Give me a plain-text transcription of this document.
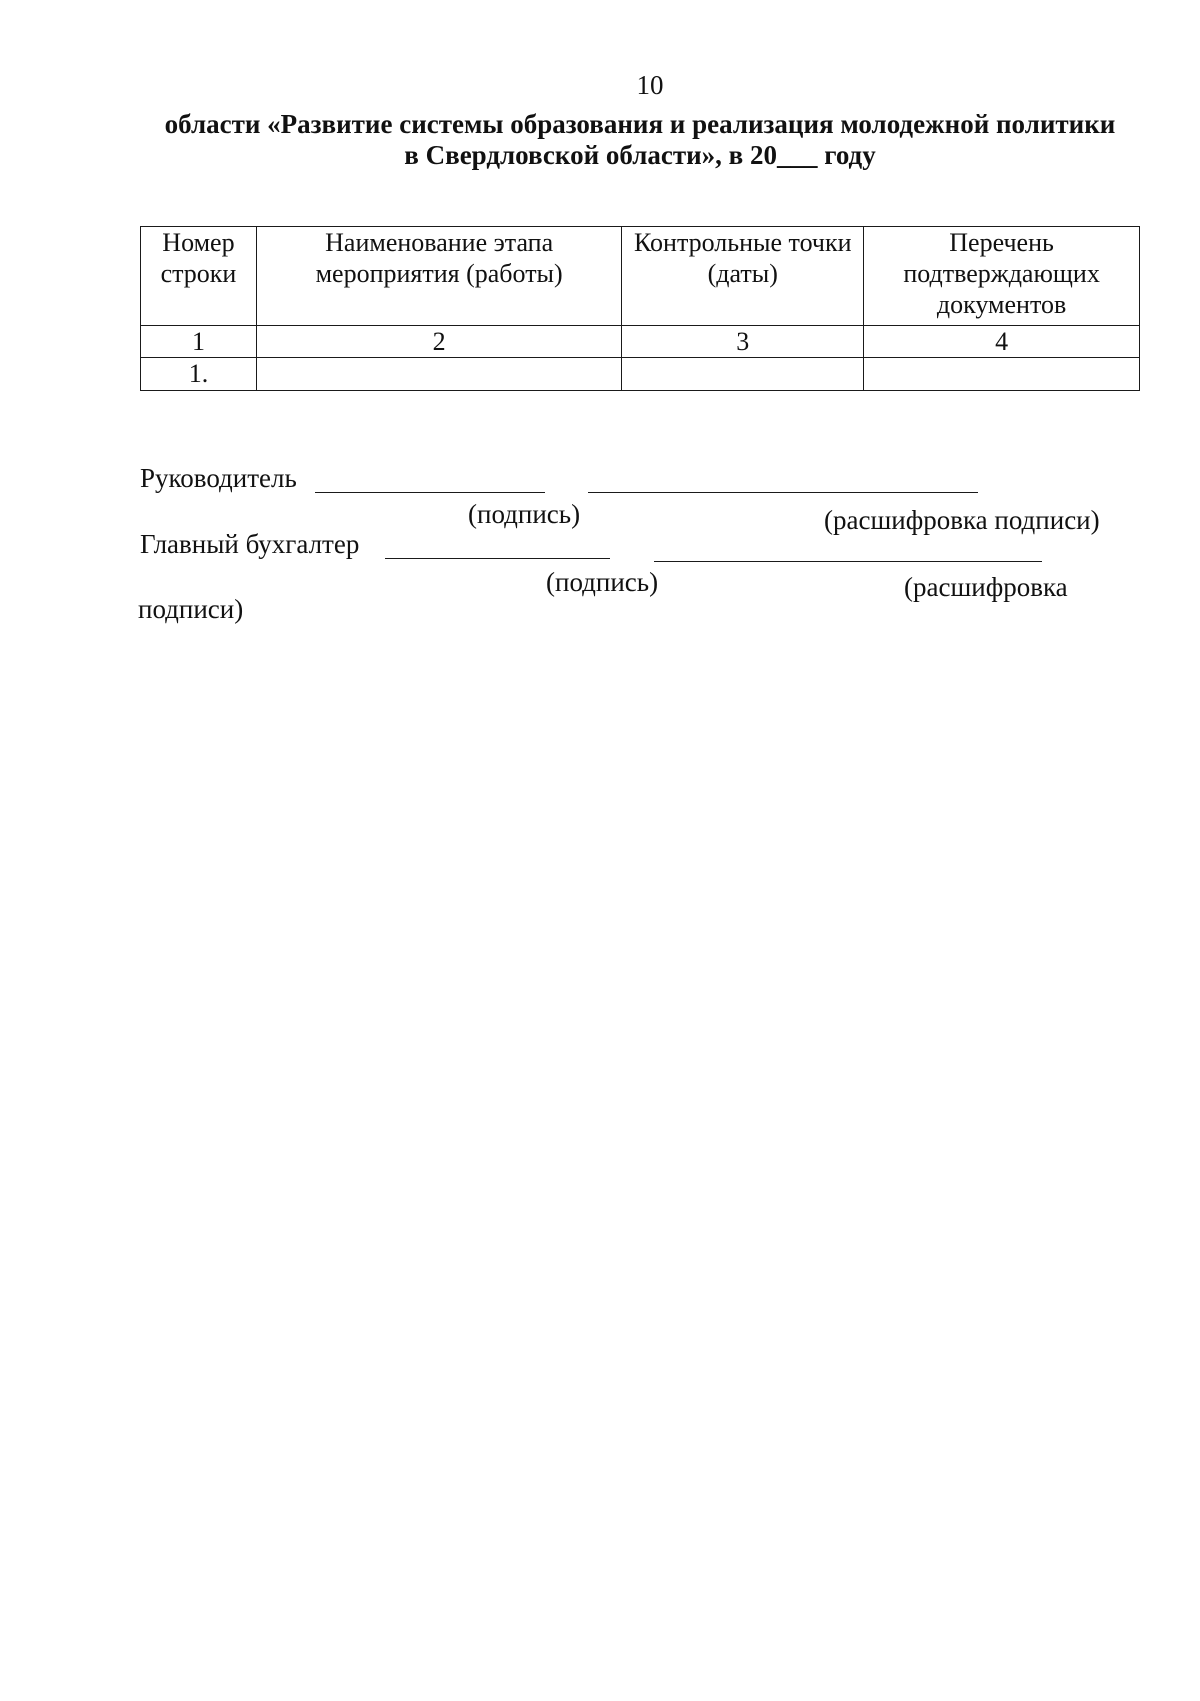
10
области «Развитие системы образования и реализация молодежной политики
в Свердловской области», в 20___ году
Номер строки	Наименование этапа мероприятия (работы)	Контрольные точки (даты)	Перечень подтверждающих документов
1	2	3	4
1.			
Руководитель
(подпись)	(расшифровка подписи)
Главный бухгалтер
(подпись)	(расшифровка
подписи)
